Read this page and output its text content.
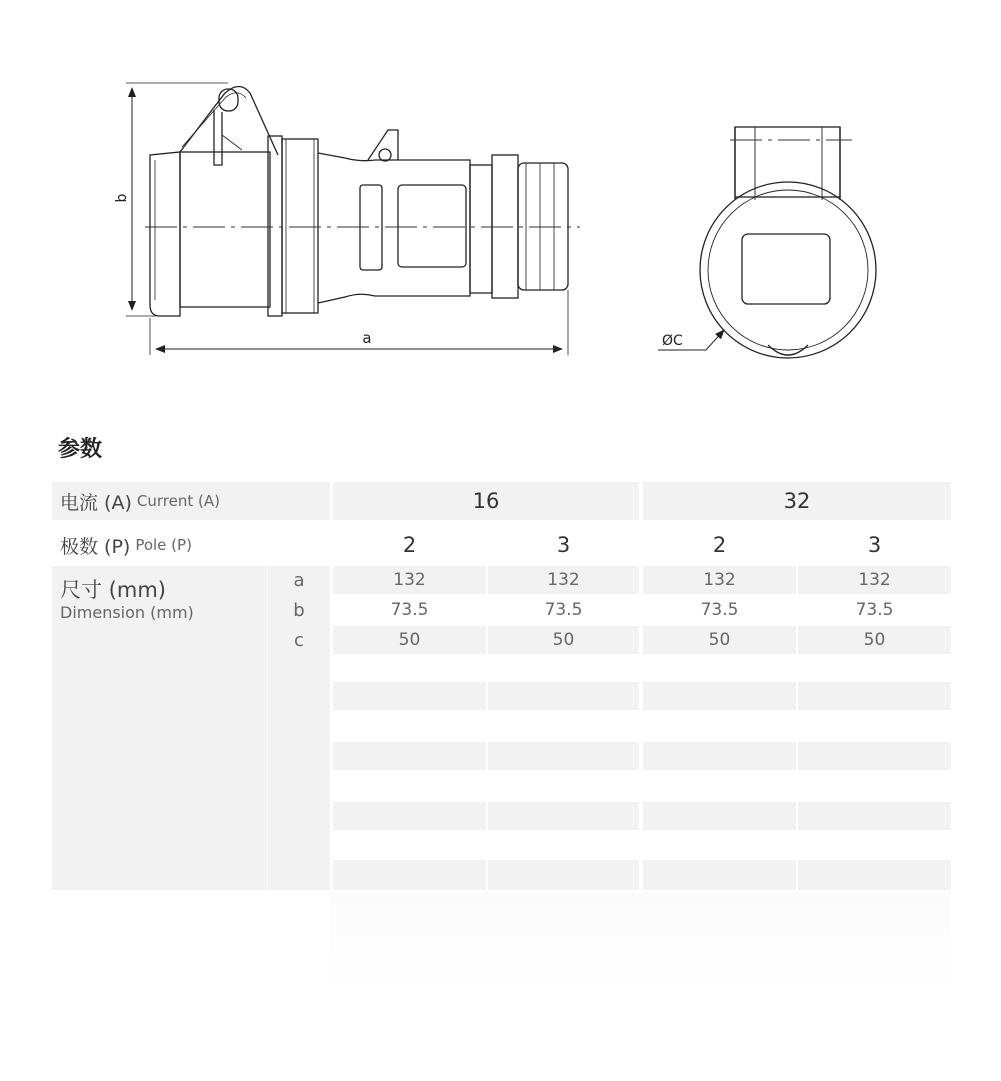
b
a	ØC
参数
电流 (A) Current (A)	16	32
极数 (P) Pole (P)	2	3	2	3
尺寸 (mm)
Dimension (mm)
a	132	132	132	132
b	73.5	73.5	73.5	73.5
c	50	50	50	50
